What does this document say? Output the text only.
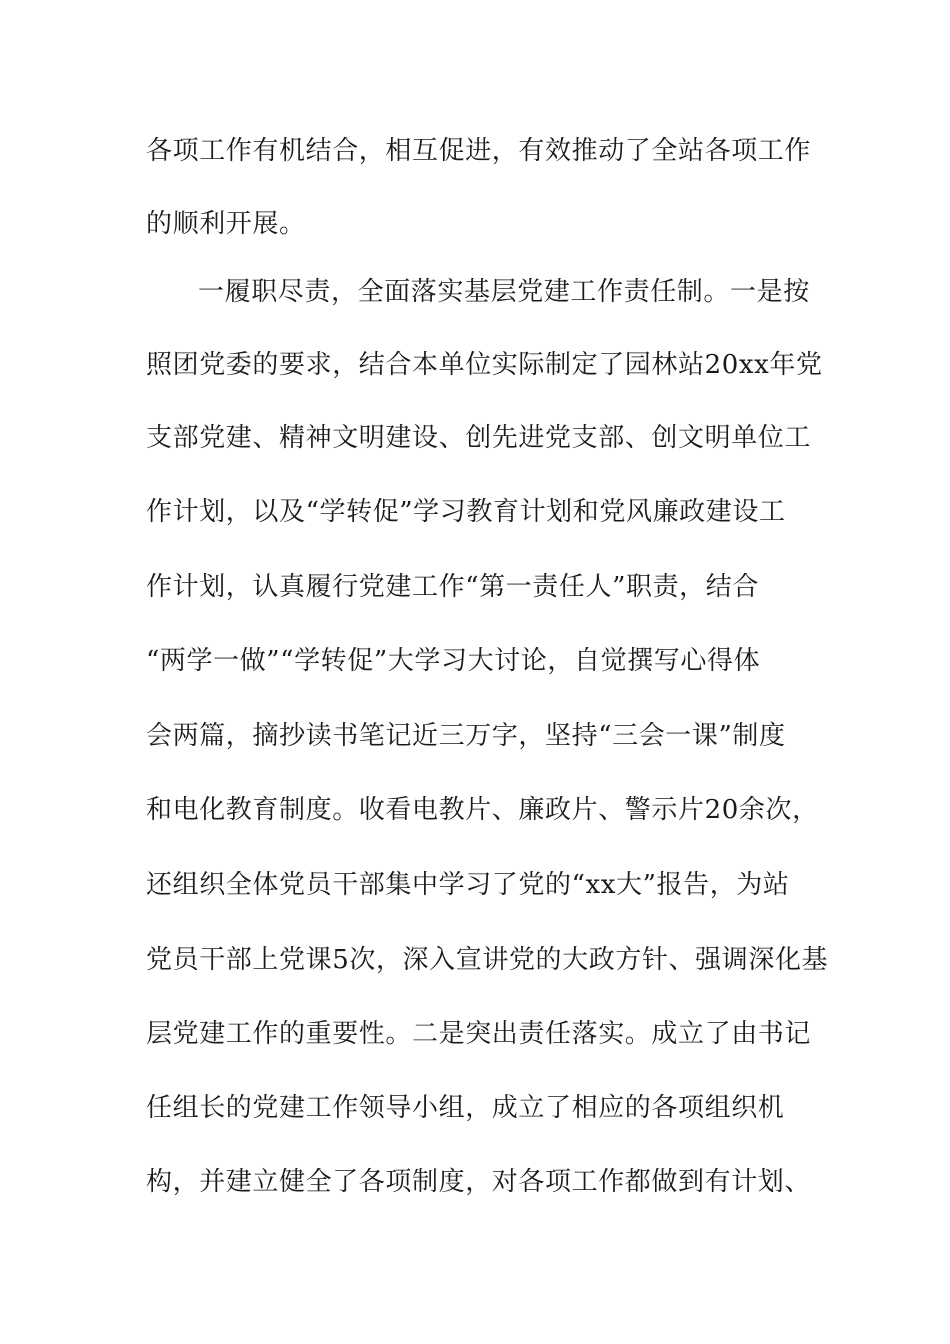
各项工作有机结合，相互促进，有效推动了全站各项工作
的顺利开展。
一履职尽责，全面落实基层党建工作责任制。一是按
照团党委的要求，结合本单位实际制定了园林站20xx年党
支部党建、精神文明建设、创先进党支部、创文明单位工
作计划，以及“学转促”学习教育计划和党风廉政建设工
作计划，认真履行党建工作“第一责任人”职责，结合
“两学一做”“学转促”大学习大讨论，自觉撰写心得体
会两篇，摘抄读书笔记近三万字，坚持“三会一课”制度
和电化教育制度。收看电教片、廉政片、警示片20余次，
还组织全体党员干部集中学习了党的“xx大”报告，为站
党员干部上党课5次，深入宣讲党的大政方针、强调深化基
层党建工作的重要性。二是突出责任落实。成立了由书记
任组长的党建工作领导小组，成立了相应的各项组织机
构，并建立健全了各项制度，对各项工作都做到有计划、
